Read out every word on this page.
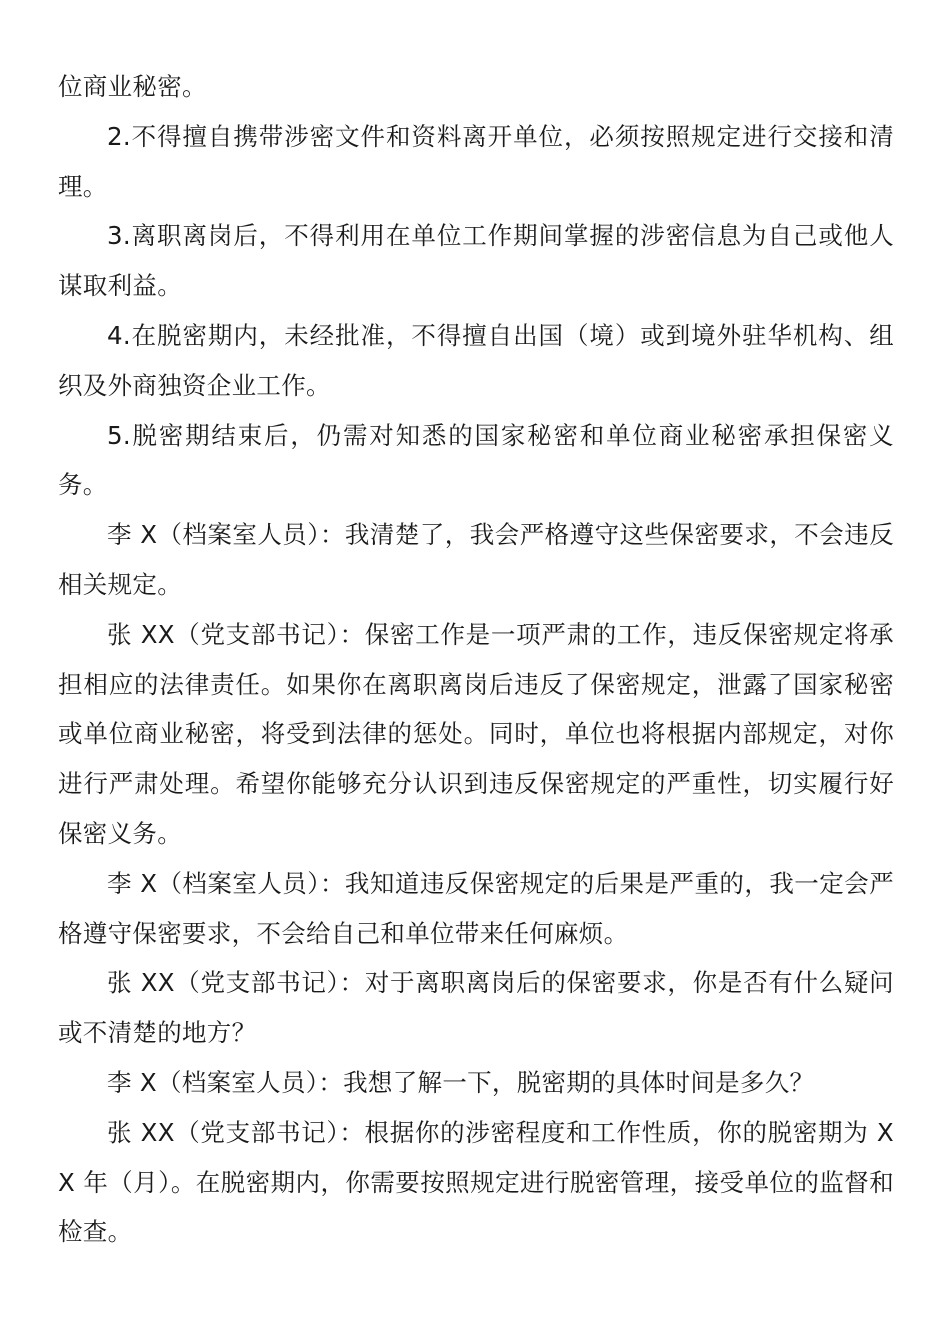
位商业秘密。

2.不得擅自携带涉密文件和资料离开单位，必须按照规定进行交接和清理。

3.离职离岗后，不得利用在单位工作期间掌握的涉密信息为自己或他人谋取利益。

4.在脱密期内，未经批准，不得擅自出国（境）或到境外驻华机构、组织及外商独资企业工作。

5.脱密期结束后，仍需对知悉的国家秘密和单位商业秘密承担保密义务。

李 X（档案室人员）：我清楚了，我会严格遵守这些保密要求，不会违反相关规定。

张 XX（党支部书记）：保密工作是一项严肃的工作，违反保密规定将承担相应的法律责任。如果你在离职离岗后违反了保密规定，泄露了国家秘密或单位商业秘密，将受到法律的惩处。同时，单位也将根据内部规定，对你进行严肃处理。希望你能够充分认识到违反保密规定的严重性，切实履行好保密义务。

李 X（档案室人员）：我知道违反保密规定的后果是严重的，我一定会严格遵守保密要求，不会给自己和单位带来任何麻烦。

张 XX（党支部书记）：对于离职离岗后的保密要求，你是否有什么疑问或不清楚的地方？

李 X（档案室人员）：我想了解一下，脱密期的具体时间是多久？

张 XX（党支部书记）：根据你的涉密程度和工作性质，你的脱密期为 XX 年（月）。在脱密期内，你需要按照规定进行脱密管理，接受单位的监督和检查。
